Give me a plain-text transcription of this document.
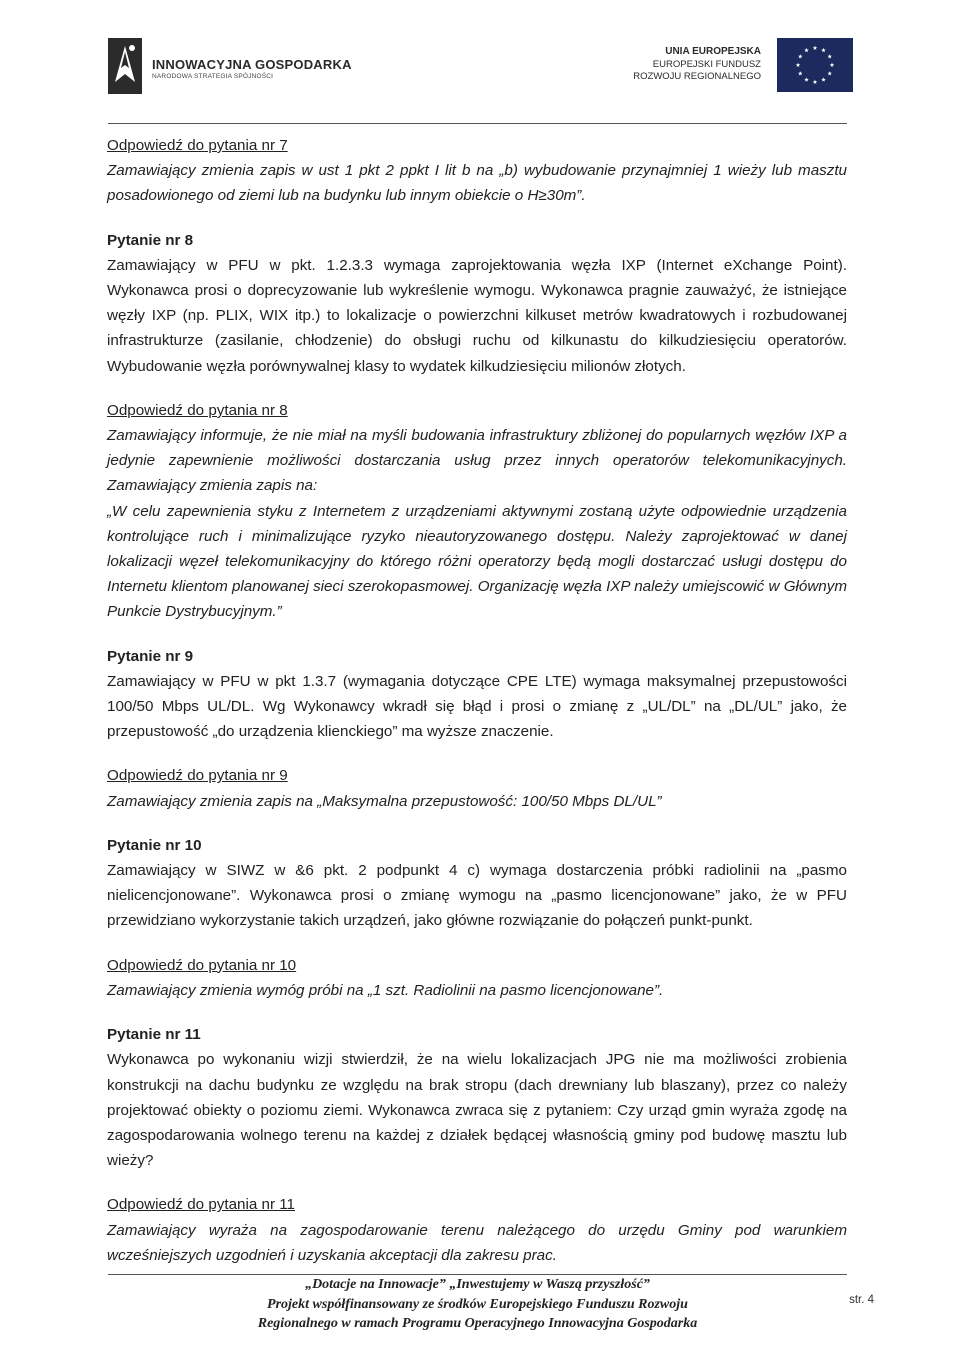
INNOWACYJNA GOSPODARKA
NARODOWA STRATEGIA SPÓJNOŚCI
UNIA EUROPEJSKA
EUROPEJSKI FUNDUSZ
ROZWOJU REGIONALNEGO

Odpowiedź do pytania nr 7

Zamawiający zmienia zapis w ust 1 pkt 2 ppkt I lit b na „b) wybudowanie przynajmniej 1 wieży lub masztu posadowionego od ziemi lub na budynku lub innym obiekcie o H≥30m”.

Pytanie nr 8

Zamawiający w PFU w pkt. 1.2.3.3 wymaga zaprojektowania węzła IXP (Internet eXchange Point). Wykonawca prosi o doprecyzowanie lub wykreślenie wymogu. Wykonawca pragnie zauważyć, że istniejące węzły IXP (np. PLIX, WIX itp.) to lokalizacje o powierzchni kilkuset metrów kwadratowych i rozbudowanej infrastrukturze (zasilanie, chłodzenie) do obsługi ruchu od kilkunastu do kilkudziesięciu operatorów. Wybudowanie węzła porównywalnej klasy to wydatek kilkudziesięciu milionów złotych.

Odpowiedź do pytania nr 8

Zamawiający informuje, że nie miał na myśli budowania infrastruktury zbliżonej do popularnych węzłów IXP a jedynie zapewnienie możliwości dostarczania usług przez innych operatorów telekomunikacyjnych. Zamawiający zmienia zapis na:

„W celu zapewnienia styku z Internetem z urządzeniami aktywnymi zostaną użyte odpowiednie urządzenia kontrolujące ruch i minimalizujące ryzyko nieautoryzowanego dostępu. Należy zaprojektować w danej lokalizacji węzeł telekomunikacyjny do którego różni operatorzy będą mogli dostarczać usługi dostępu do Internetu klientom planowanej sieci szerokopasmowej. Organizację węzła IXP należy umiejscowić w Głównym Punkcie Dystrybucyjnym.”

Pytanie nr 9

Zamawiający w PFU w pkt 1.3.7 (wymagania dotyczące CPE LTE) wymaga maksymalnej przepustowości 100/50 Mbps UL/DL. Wg Wykonawcy wkradł się błąd i prosi o zmianę z „UL/DL” na „DL/UL” jako, że przepustowość „do urządzenia klienckiego” ma wyższe znaczenie.

Odpowiedź do pytania nr 9

Zamawiający zmienia zapis na „Maksymalna przepustowość: 100/50 Mbps DL/UL”

Pytanie nr 10

Zamawiający w SIWZ w &6 pkt. 2 podpunkt 4 c) wymaga dostarczenia próbki radiolinii na „pasmo nielicencjonowane”. Wykonawca prosi o zmianę wymogu na „pasmo licencjonowane” jako, że w PFU przewidziano wykorzystanie takich urządzeń, jako główne rozwiązanie do połączeń punkt-punkt.

Odpowiedź do pytania nr 10

Zamawiający zmienia wymóg próbi na „1 szt. Radiolinii na pasmo licencjonowane”.

Pytanie nr 11

Wykonawca po wykonaniu wizji stwierdził, że na wielu lokalizacjach JPG nie ma możliwości zrobienia konstrukcji na dachu budynku ze względu na brak stropu (dach drewniany lub blaszany), przez co należy projektować obiekty o poziomu ziemi. Wykonawca zwraca się z pytaniem: Czy urząd gmin wyraża zgodę na zagospodarowania wolnego terenu na każdej z działek będącej własnością gminy pod budowę masztu lub wieży?

Odpowiedź do pytania nr 11

Zamawiający wyraża na zagospodarowanie terenu należącego do urzędu Gminy pod warunkiem wcześniejszych uzgodnień i uzyskania akceptacji dla zakresu prac.

„Dotacje na Innowacje” „Inwestujemy w Waszą przyszłość”
Projekt współfinansowany ze środków Europejskiego Funduszu Rozwoju
Regionalnego w ramach Programu Operacyjnego Innowacyjna Gospodarka
str. 4
